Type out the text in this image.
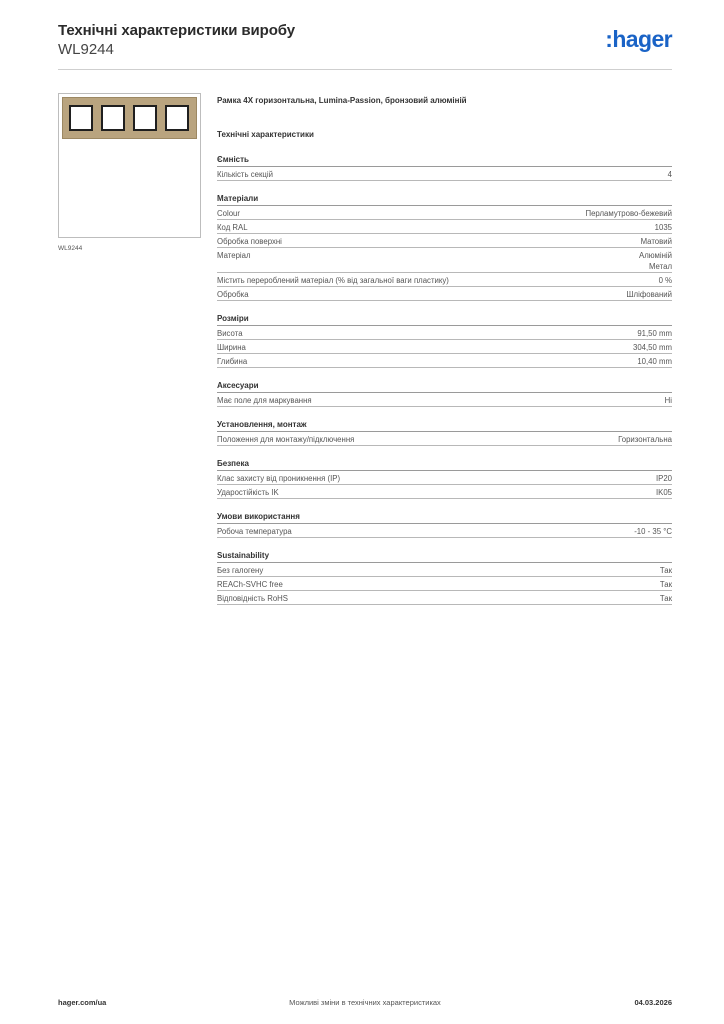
Технічні характеристики виробу
WL9244	:hager
WL9244
Рамка 4X горизонтальна, Lumina-Passion, бронзовий алюміній
Технічні характеристики
Ємність
Кількість секцій	4
Матеріали
Colour	Перламутрово-бежевий
Код RAL	1035
Обробка поверхні	Матовий
Матеріал	Алюміній
Метал
Містить перероблений матеріал (% від загальної ваги пластику)	0 %
Обробка	Шліфований
Розміри
Висота	91,50 mm
Ширина	304,50 mm
Глибина	10,40 mm
Аксесуари
Має поле для маркування	Ні
Установлення, монтаж
Положення для монтажу/підключення	Горизонтальна
Безпека
Клас захисту від проникнення (IP)	IP20
Ударостійкість IK	IK05
Умови використання
Робоча температура	-10 - 35 °C
Sustainability
Без галогену	Так
REACh-SVHC free	Так
Відповідність RoHS	Так
hager.com/ua	Можливі зміни в технічних характеристиках	04.03.2026
